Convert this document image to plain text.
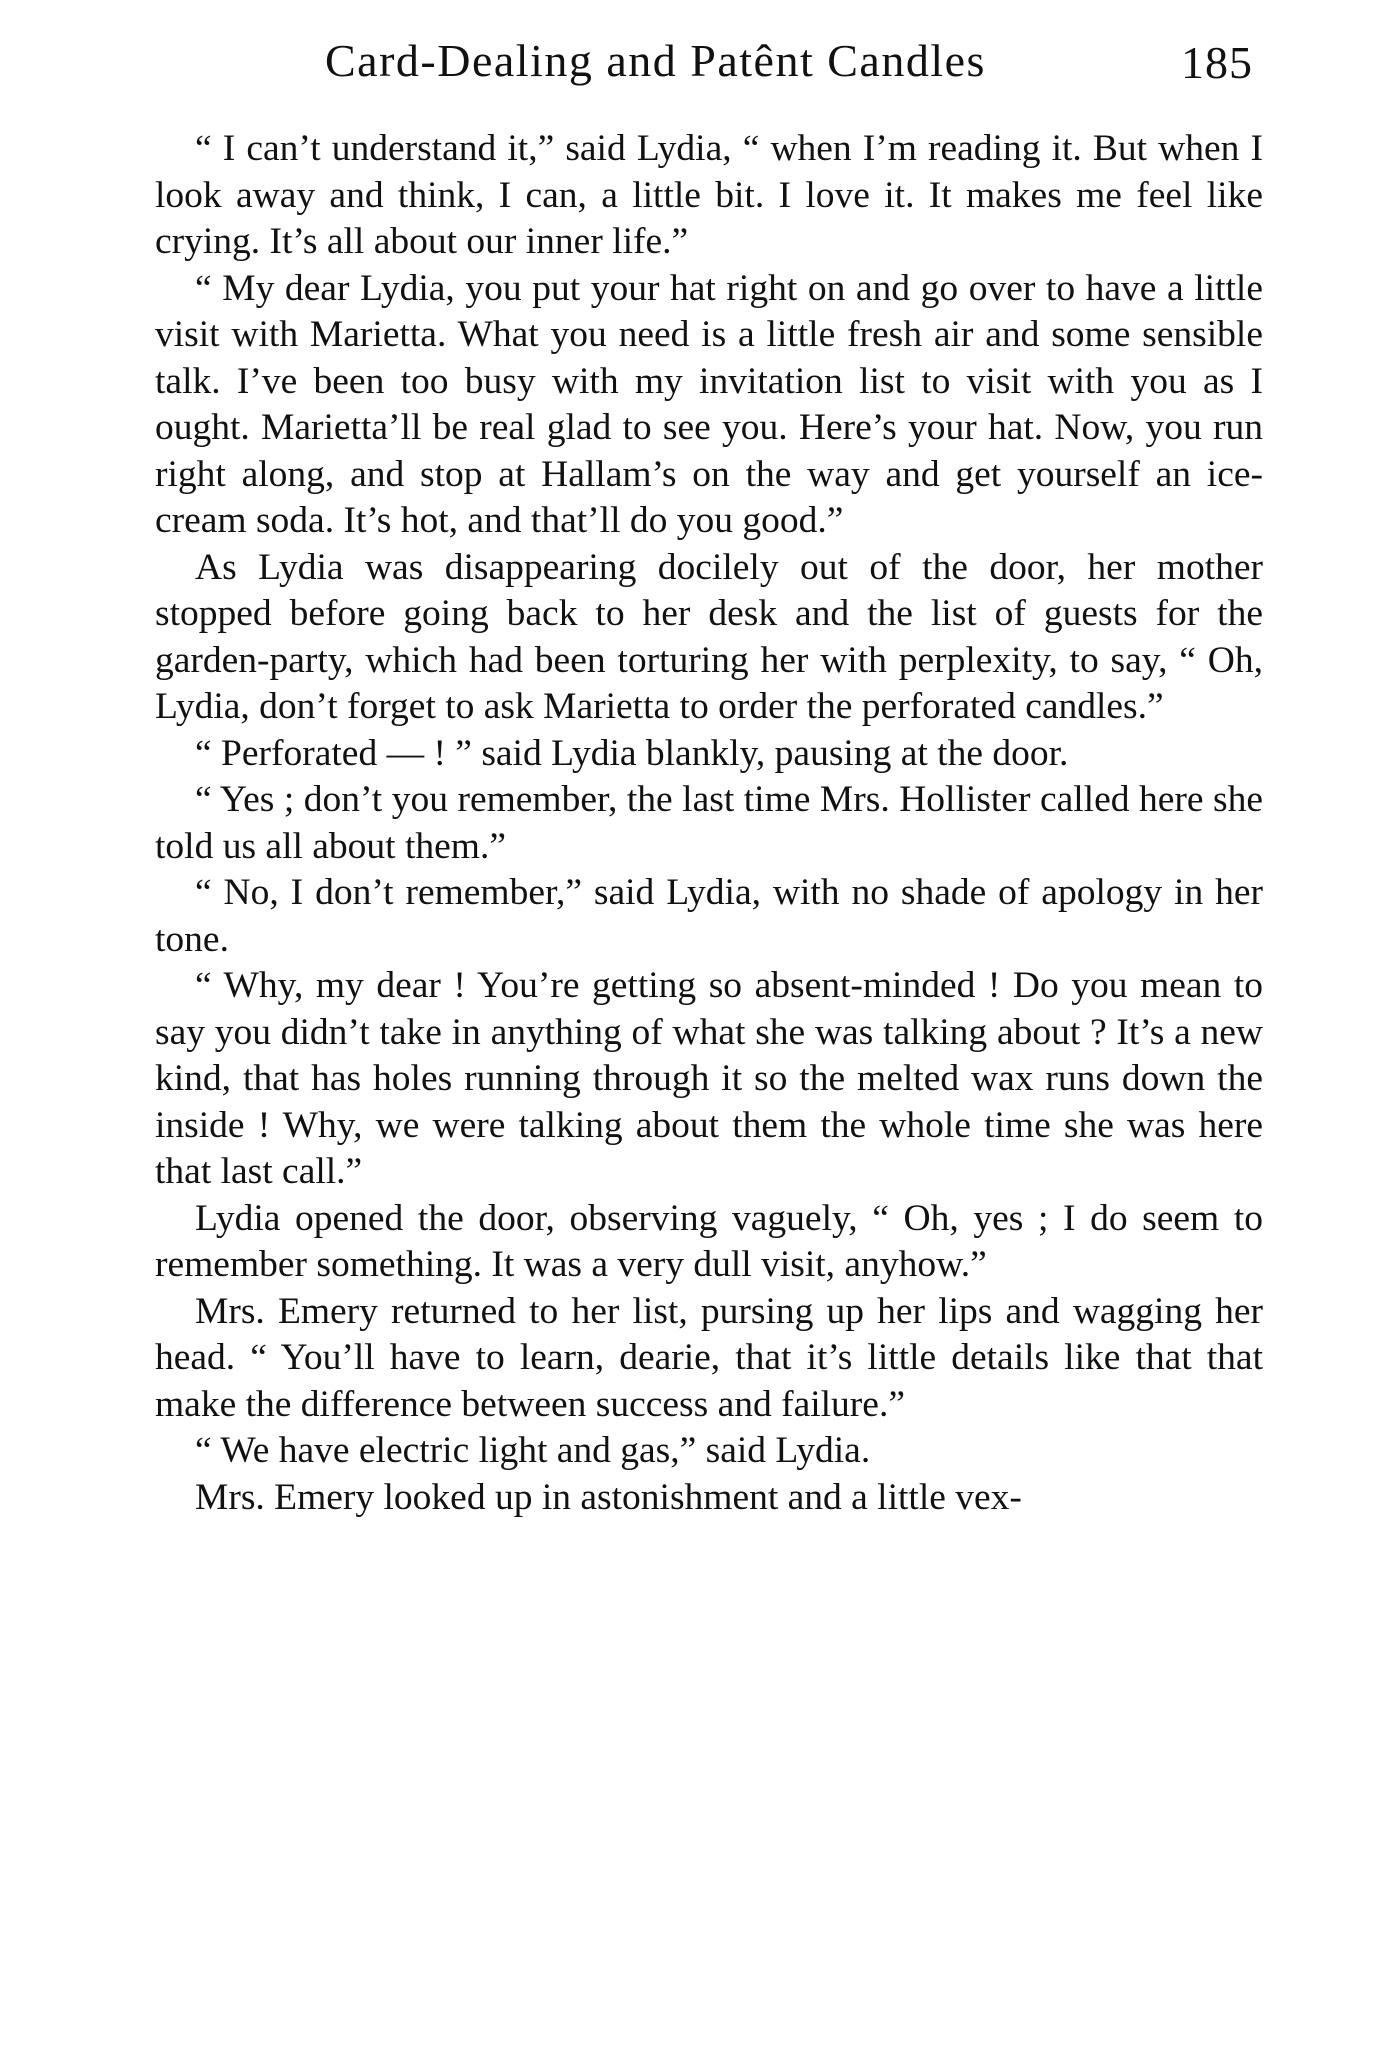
Card-Dealing and Patênt Candles	185

“ I can’t understand it,” said Lydia, “ when I’m reading it. But when I look away and think, I can, a little bit. I love it. It makes me feel like crying. It’s all about our inner life.”

“ My dear Lydia, you put your hat right on and go over to have a little visit with Marietta. What you need is a little fresh air and some sensible talk. I’ve been too busy with my invitation list to visit with you as I ought. Marietta’ll be real glad to see you. Here’s your hat. Now, you run right along, and stop at Hallam’s on the way and get yourself an ice-cream soda. It’s hot, and that’ll do you good.”

As Lydia was disappearing docilely out of the door, her mother stopped before going back to her desk and the list of guests for the garden-party, which had been torturing her with perplexity, to say, “ Oh, Lydia, don’t forget to ask Marietta to order the perforated candles.”

“ Perforated — ! ” said Lydia blankly, pausing at the door.

“ Yes ; don’t you remember, the last time Mrs. Hollister called here she told us all about them.”

“ No, I don’t remember,” said Lydia, with no shade of apology in her tone.

“ Why, my dear ! You’re getting so absent-minded ! Do you mean to say you didn’t take in anything of what she was talking about ? It’s a new kind, that has holes running through it so the melted wax runs down the inside ! Why, we were talking about them the whole time she was here that last call.”

Lydia opened the door, observing vaguely, “ Oh, yes ; I do seem to remember something. It was a very dull visit, anyhow.”

Mrs. Emery returned to her list, pursing up her lips and wagging her head. “ You’ll have to learn, dearie, that it’s little details like that that make the difference between success and failure.”

“ We have electric light and gas,” said Lydia.

Mrs. Emery looked up in astonishment and a little vex-
